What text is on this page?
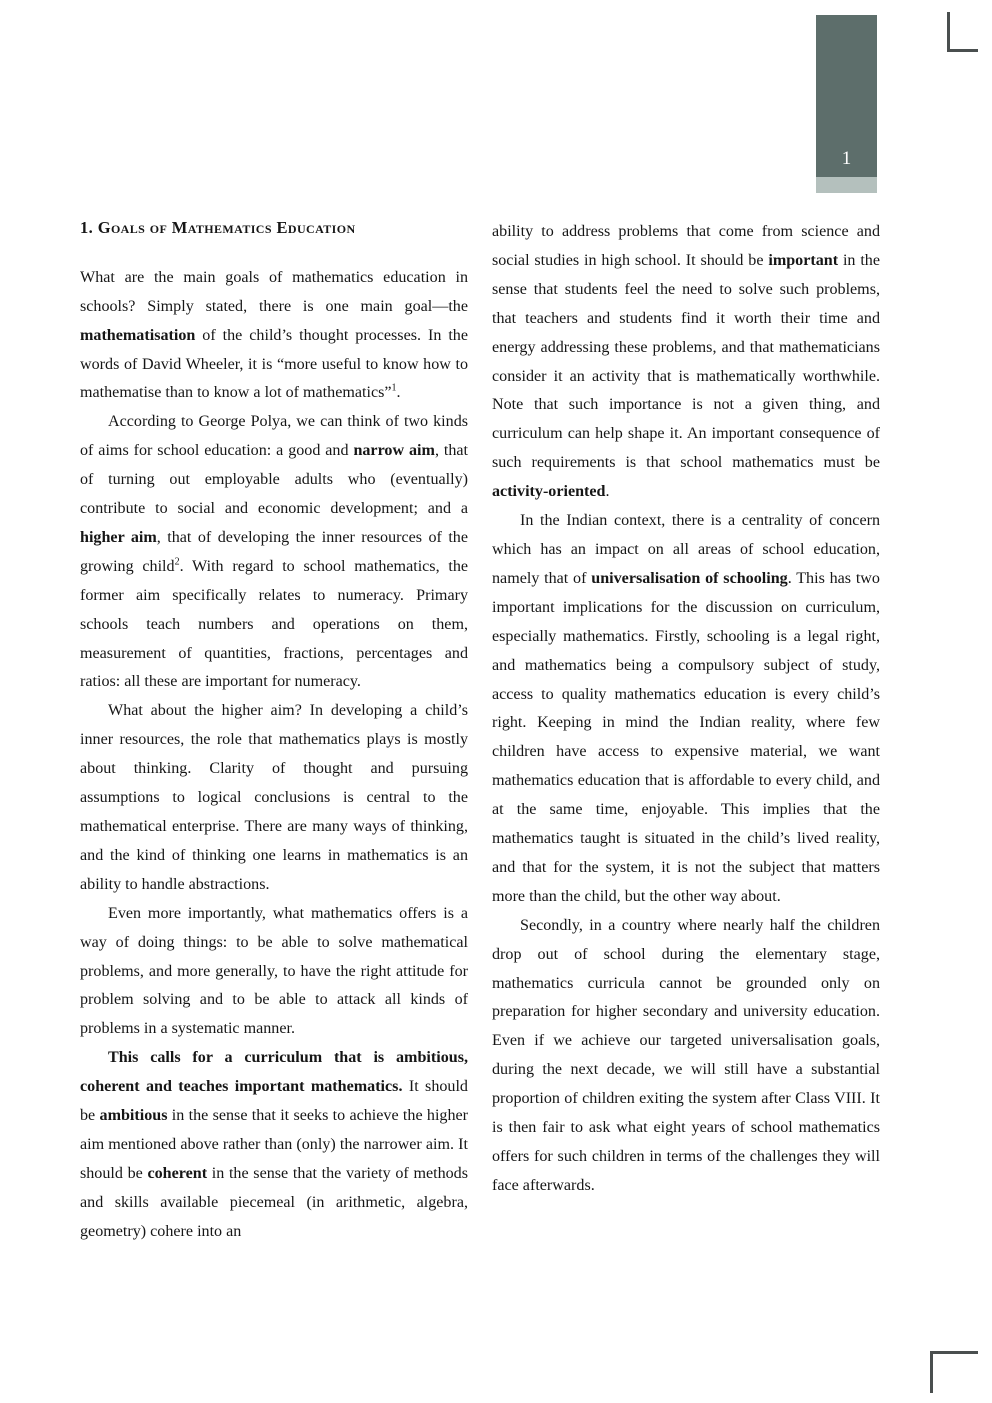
1
1. Goals of Mathematics Education

What are the main goals of mathematics education in schools? Simply stated, there is one main goal—the mathematisation of the child’s thought processes. In the words of David Wheeler, it is “more useful to know how to mathematise than to know a lot of mathematics”$^1$.

According to George Polya, we can think of two kinds of aims for school education: a good and narrow aim, that of turning out employable adults who (eventually) contribute to social and economic development; and a higher aim, that of developing the inner resources of the growing child$^2$. With regard to school mathematics, the former aim specifically relates to numeracy. Primary schools teach numbers and operations on them, measurement of quantities, fractions, percentages and ratios: all these are important for numeracy.

What about the higher aim? In developing a child’s inner resources, the role that mathematics plays is mostly about thinking. Clarity of thought and pursuing assumptions to logical conclusions is central to the mathematical enterprise. There are many ways of thinking, and the kind of thinking one learns in mathematics is an ability to handle abstractions.

Even more importantly, what mathematics offers is a way of doing things: to be able to solve mathematical problems, and more generally, to have the right attitude for problem solving and to be able to attack all kinds of problems in a systematic manner.

This calls for a curriculum that is ambitious, coherent and teaches important mathematics. It should be ambitious in the sense that it seeks to achieve the higher aim mentioned above rather than (only) the narrower aim. It should be coherent in the sense that the variety of methods and skills available piecemeal (in arithmetic, algebra, geometry) cohere into an

ability to address problems that come from science and social studies in high school. It should be important in the sense that students feel the need to solve such problems, that teachers and students find it worth their time and energy addressing these problems, and that mathematicians consider it an activity that is mathematically worthwhile. Note that such importance is not a given thing, and curriculum can help shape it. An important consequence of such requirements is that school mathematics must be activity-oriented.

In the Indian context, there is a centrality of concern which has an impact on all areas of school education, namely that of universalisation of schooling. This has two important implications for the discussion on curriculum, especially mathematics. Firstly, schooling is a legal right, and mathematics being a compulsory subject of study, access to quality mathematics education is every child’s right. Keeping in mind the Indian reality, where few children have access to expensive material, we want mathematics education that is affordable to every child, and at the same time, enjoyable. This implies that the mathematics taught is situated in the child’s lived reality, and that for the system, it is not the subject that matters more than the child, but the other way about.

Secondly, in a country where nearly half the children drop out of school during the elementary stage, mathematics curricula cannot be grounded only on preparation for higher secondary and university education. Even if we achieve our targeted universalisation goals, during the next decade, we will still have a substantial proportion of children exiting the system after Class VIII. It is then fair to ask what eight years of school mathematics offers for such children in terms of the challenges they will face afterwards.
